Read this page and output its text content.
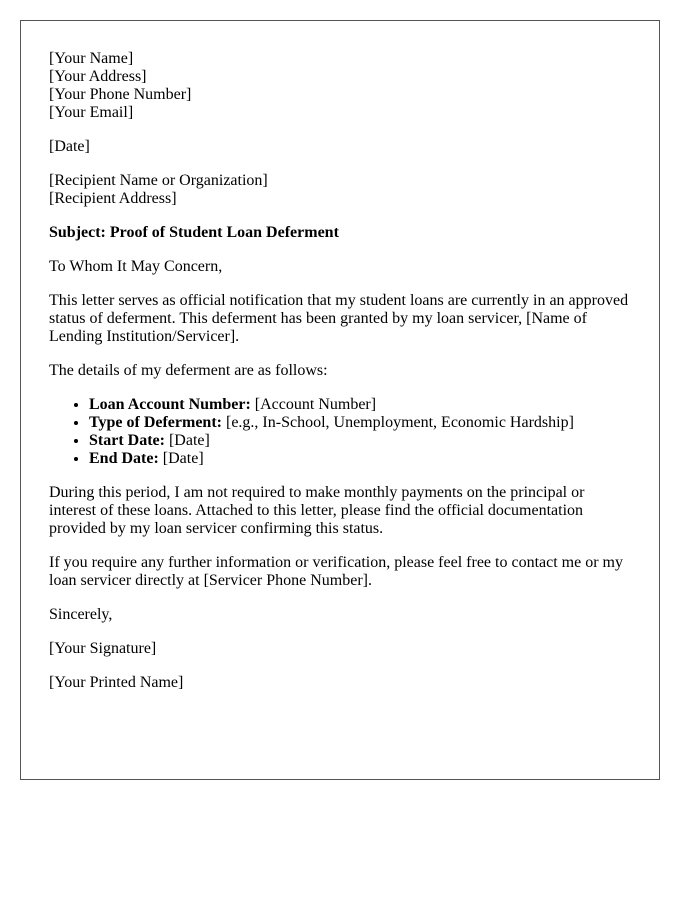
[Your Name]
[Your Address]
[Your Phone Number]
[Your Email]
[Date]
[Recipient Name or Organization]
[Recipient Address]

Subject: Proof of Student Loan Deferment

To Whom It May Concern,

This letter serves as official notification that my student loans are currently in an approved status of deferment. This deferment has been granted by my loan servicer, [Name of Lending Institution/Servicer].

The details of my deferment are as follows:

• Loan Account Number: [Account Number]
• Type of Deferment: [e.g., In-School, Unemployment, Economic Hardship]
• Start Date: [Date]
• End Date: [Date]

During this period, I am not required to make monthly payments on the principal or interest of these loans. Attached to this letter, please find the official documentation provided by my loan servicer confirming this status.

If you require any further information or verification, please feel free to contact me or my loan servicer directly at [Servicer Phone Number].

Sincerely,

[Your Signature]

[Your Printed Name]
